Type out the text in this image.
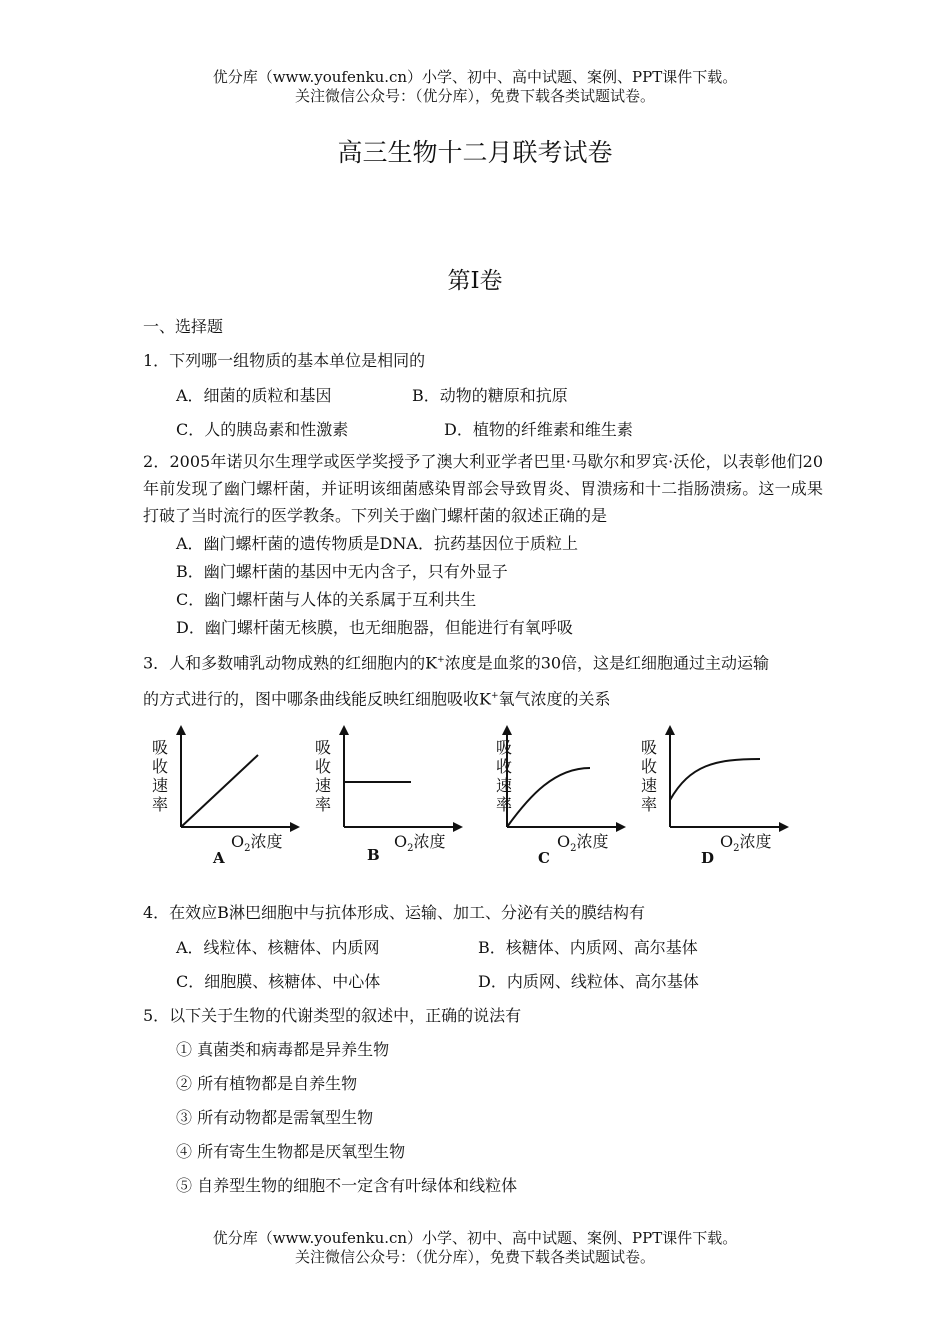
优分库（www.youfenku.cn）小学、初中、高中试题、案例、PPT课件下载。
关注微信公众号：（优分库），免费下载各类试题试卷。
高三生物十二月联考试卷
第I卷
一、选择题
1．下列哪一组物质的基本单位是相同的
A．细菌的质粒和基因	B．动物的糖原和抗原
C．人的胰岛素和性激素	D．植物的纤维素和维生素
2．2005年诺贝尔生理学或医学奖授予了澳大利亚学者巴里·马歇尔和罗宾·沃伦，以表彰他们20年前发现了幽门螺杆菌，并证明该细菌感染胃部会导致胃炎、胃溃疡和十二指肠溃疡。这一成果打破了当时流行的医学教条。下列关于幽门螺杆菌的叙述正确的是
A．幽门螺杆菌的遗传物质是DNA．抗药基因位于质粒上
B．幽门螺杆菌的基因中无内含子，只有外显子
C．幽门螺杆菌与人体的关系属于互利共生
D．幽门螺杆菌无核膜，也无细胞器，但能进行有氧呼吸
3．人和多数哺乳动物成熟的红细胞内的K+浓度是血浆的30倍，这是红细胞通过主动运输
的方式进行的，图中哪条曲线能反映红细胞吸收K+氧气浓度的关系
吸收速率
吸收速率
吸收速率
吸收速率
$O_2$浓度	$O_2$浓度	$O_2$浓度	$O_2$浓度
A	B	C	D
4．在效应B淋巴细胞中与抗体形成、运输、加工、分泌有关的膜结构有
A．线粒体、核糖体、内质网	B．核糖体、内质网、高尔基体
C．细胞膜、核糖体、中心体	D．内质网、线粒体、高尔基体
5．以下关于生物的代谢类型的叙述中，正确的说法有
① 真菌类和病毒都是异养生物
② 所有植物都是自养生物
③ 所有动物都是需氧型生物
④ 所有寄生生物都是厌氧型生物
⑤ 自养型生物的细胞不一定含有叶绿体和线粒体
优分库（www.youfenku.cn）小学、初中、高中试题、案例、PPT课件下载。
关注微信公众号：（优分库），免费下载各类试题试卷。
